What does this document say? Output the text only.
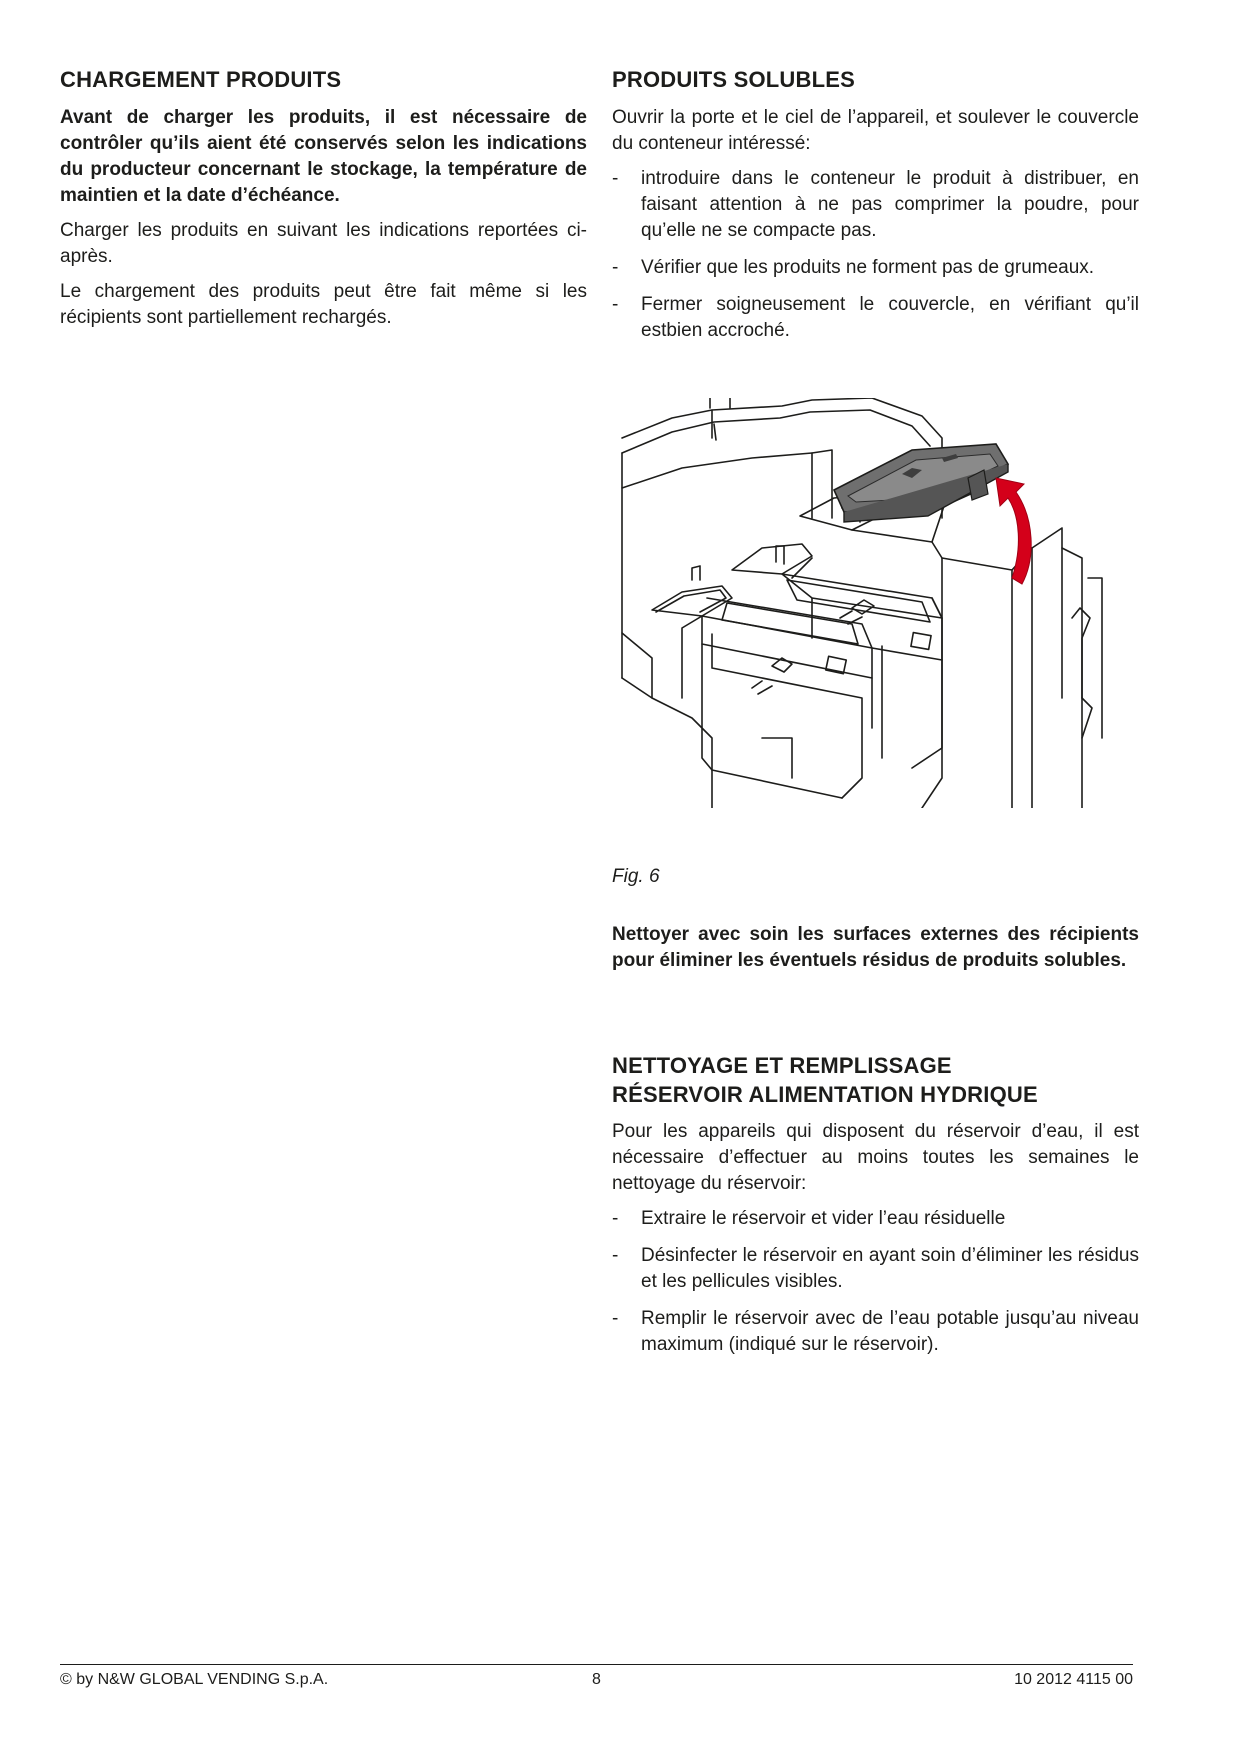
CHARGEMENT PRODUITS

Avant de charger les produits, il est nécessaire de contrôler qu’ils aient été conservés selon les indications du producteur concernant le stockage, la température de maintien et la date d’échéance.

Charger les produits en suivant les indications reportées ci-après.

Le chargement des produits peut être fait même si les récipients sont partiellement rechargés.

PRODUITS SOLUBLES

Ouvrir la porte et le ciel de l’appareil, et soulever le couvercle du conteneur intéressé:

- introduire dans le conteneur le produit à distribuer, en faisant attention à ne pas comprimer la poudre, pour qu’elle ne se compacte pas.
- Vérifier que les produits ne forment pas de grumeaux.
- Fermer soigneusement le couvercle, en vérifiant qu’il estbien accroché.
Fig. 6

Nettoyer avec soin les surfaces externes des récipients pour éliminer les éventuels résidus de produits solubles.

NETTOYAGE ET REMPLISSAGE
RÉSERVOIR ALIMENTATION HYDRIQUE

Pour les appareils qui disposent du réservoir d’eau, il est nécessaire d’effectuer au moins toutes les semaines le nettoyage du réservoir:

- Extraire le réservoir et vider l’eau résiduelle
- Désinfecter le réservoir en ayant soin d’éliminer les résidus et les pellicules visibles.
- Remplir le réservoir avec de l’eau potable jusqu’au niveau maximum (indiqué sur le réservoir).
© by N&W GLOBAL VENDING S.p.A.	8	10 2012 4115 00
